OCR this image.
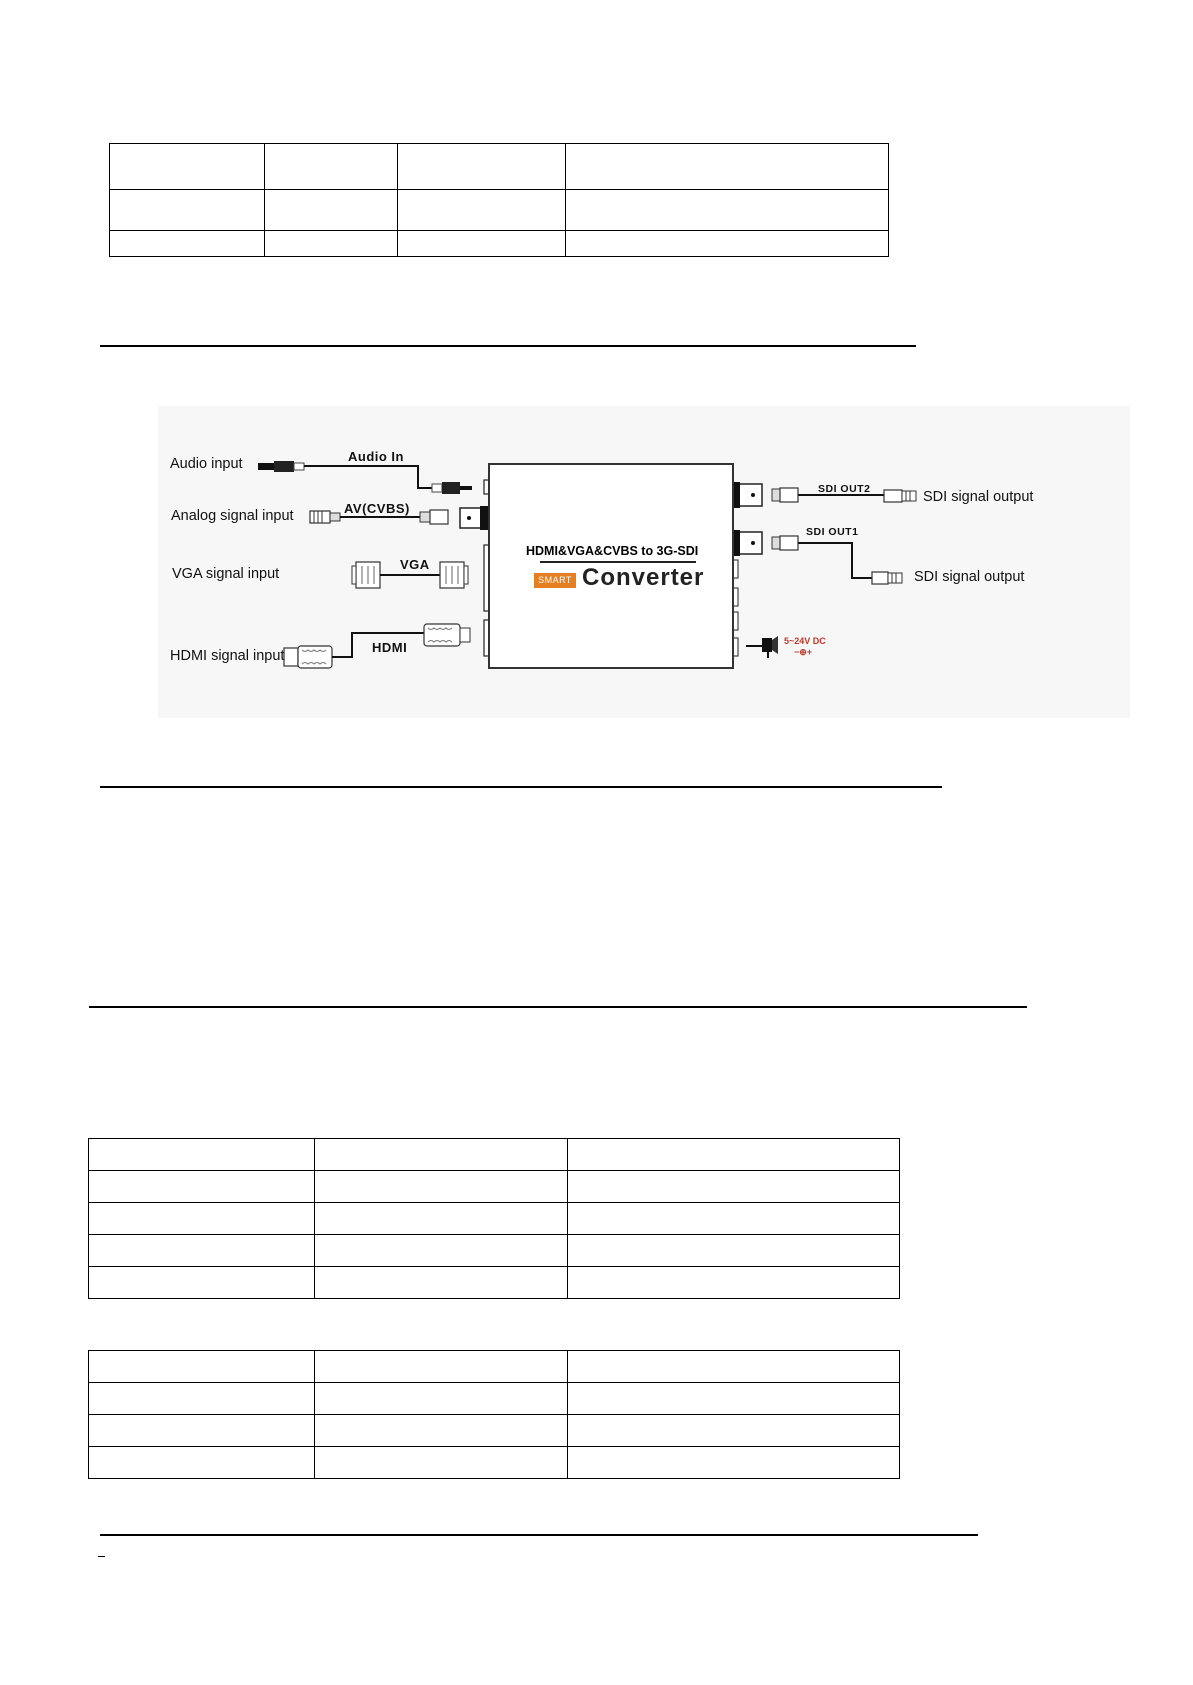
HDMI&VGA&CVBS to 3G-SDI
SMART Converter
Audio input
Analog signal input
VGA signal input
HDMI signal input
Audio In
AV(CVBS)
VGA
HDMI
SDI OUT2
SDI OUT1
SDI signal output
SDI signal output
5~24V DC
−⊕+
